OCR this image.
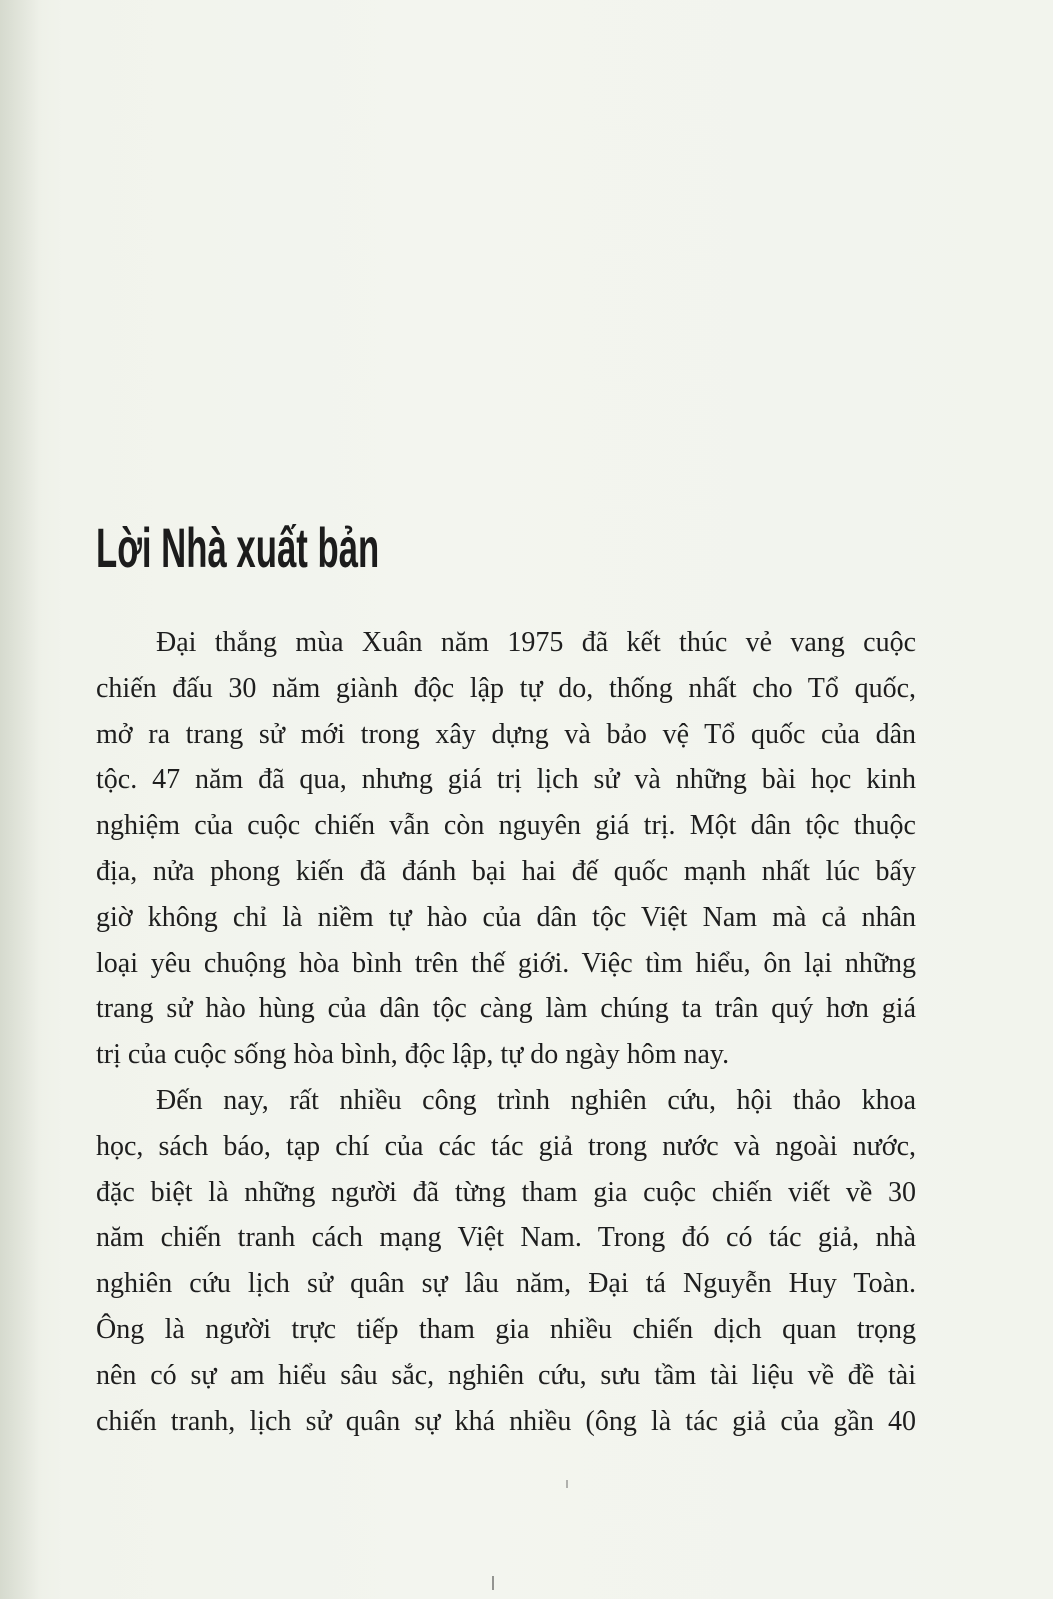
Lời Nhà xuất bản
Đại thắng mùa Xuân năm 1975 đã kết thúc vẻ vang cuộc
chiến đấu 30 năm giành độc lập tự do, thống nhất cho Tổ quốc,
mở ra trang sử mới trong xây dựng và bảo vệ Tổ quốc của dân
tộc. 47 năm đã qua, nhưng giá trị lịch sử và những bài học kinh
nghiệm của cuộc chiến vẫn còn nguyên giá trị. Một dân tộc thuộc
địa, nửa phong kiến đã đánh bại hai đế quốc mạnh nhất lúc bấy
giờ không chỉ là niềm tự hào của dân tộc Việt Nam mà cả nhân
loại yêu chuộng hòa bình trên thế giới. Việc tìm hiểu, ôn lại những
trang sử hào hùng của dân tộc càng làm chúng ta trân quý hơn giá
trị của cuộc sống hòa bình, độc lập, tự do ngày hôm nay.
Đến nay, rất nhiều công trình nghiên cứu, hội thảo khoa
học, sách báo, tạp chí của các tác giả trong nước và ngoài nước,
đặc biệt là những người đã từng tham gia cuộc chiến viết về 30
năm chiến tranh cách mạng Việt Nam. Trong đó có tác giả, nhà
nghiên cứu lịch sử quân sự lâu năm, Đại tá Nguyễn Huy Toàn.
Ông là người trực tiếp tham gia nhiều chiến dịch quan trọng
nên có sự am hiểu sâu sắc, nghiên cứu, sưu tầm tài liệu về đề tài
chiến tranh, lịch sử quân sự khá nhiều (ông là tác giả của gần 40
